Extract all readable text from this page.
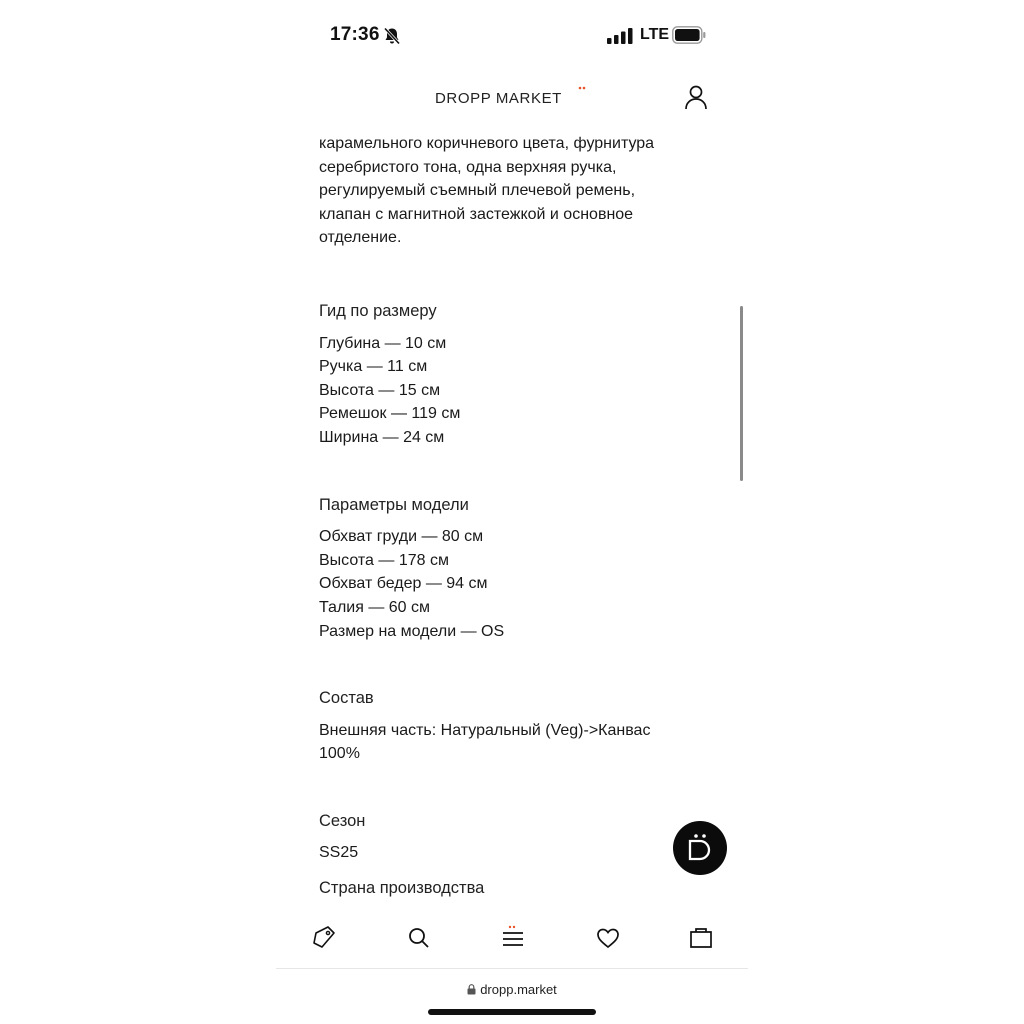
17:36	LTE
DROPP MARKET

карамельного коричневого цвета, фурнитура

серебристого тона, одна верхняя ручка,

регулируемый съемный плечевой ремень,

клапан с магнитной застежкой и основное

отделение.

Гид по размеру

Глубина — 10 см
Ручка — 11 см
Высота — 15 см
Ремешок — 119 см
Ширина — 24 см

Параметры модели

Обхват груди — 80 см
Высота — 178 см
Обхват бедер — 94 см
Талия — 60 см
Размер на модели — OS

Состав

Внешняя часть: Натуральный (Veg)->Канвас
100%

Сезон

SS25

Страна производства

$_{dropp.market}$
